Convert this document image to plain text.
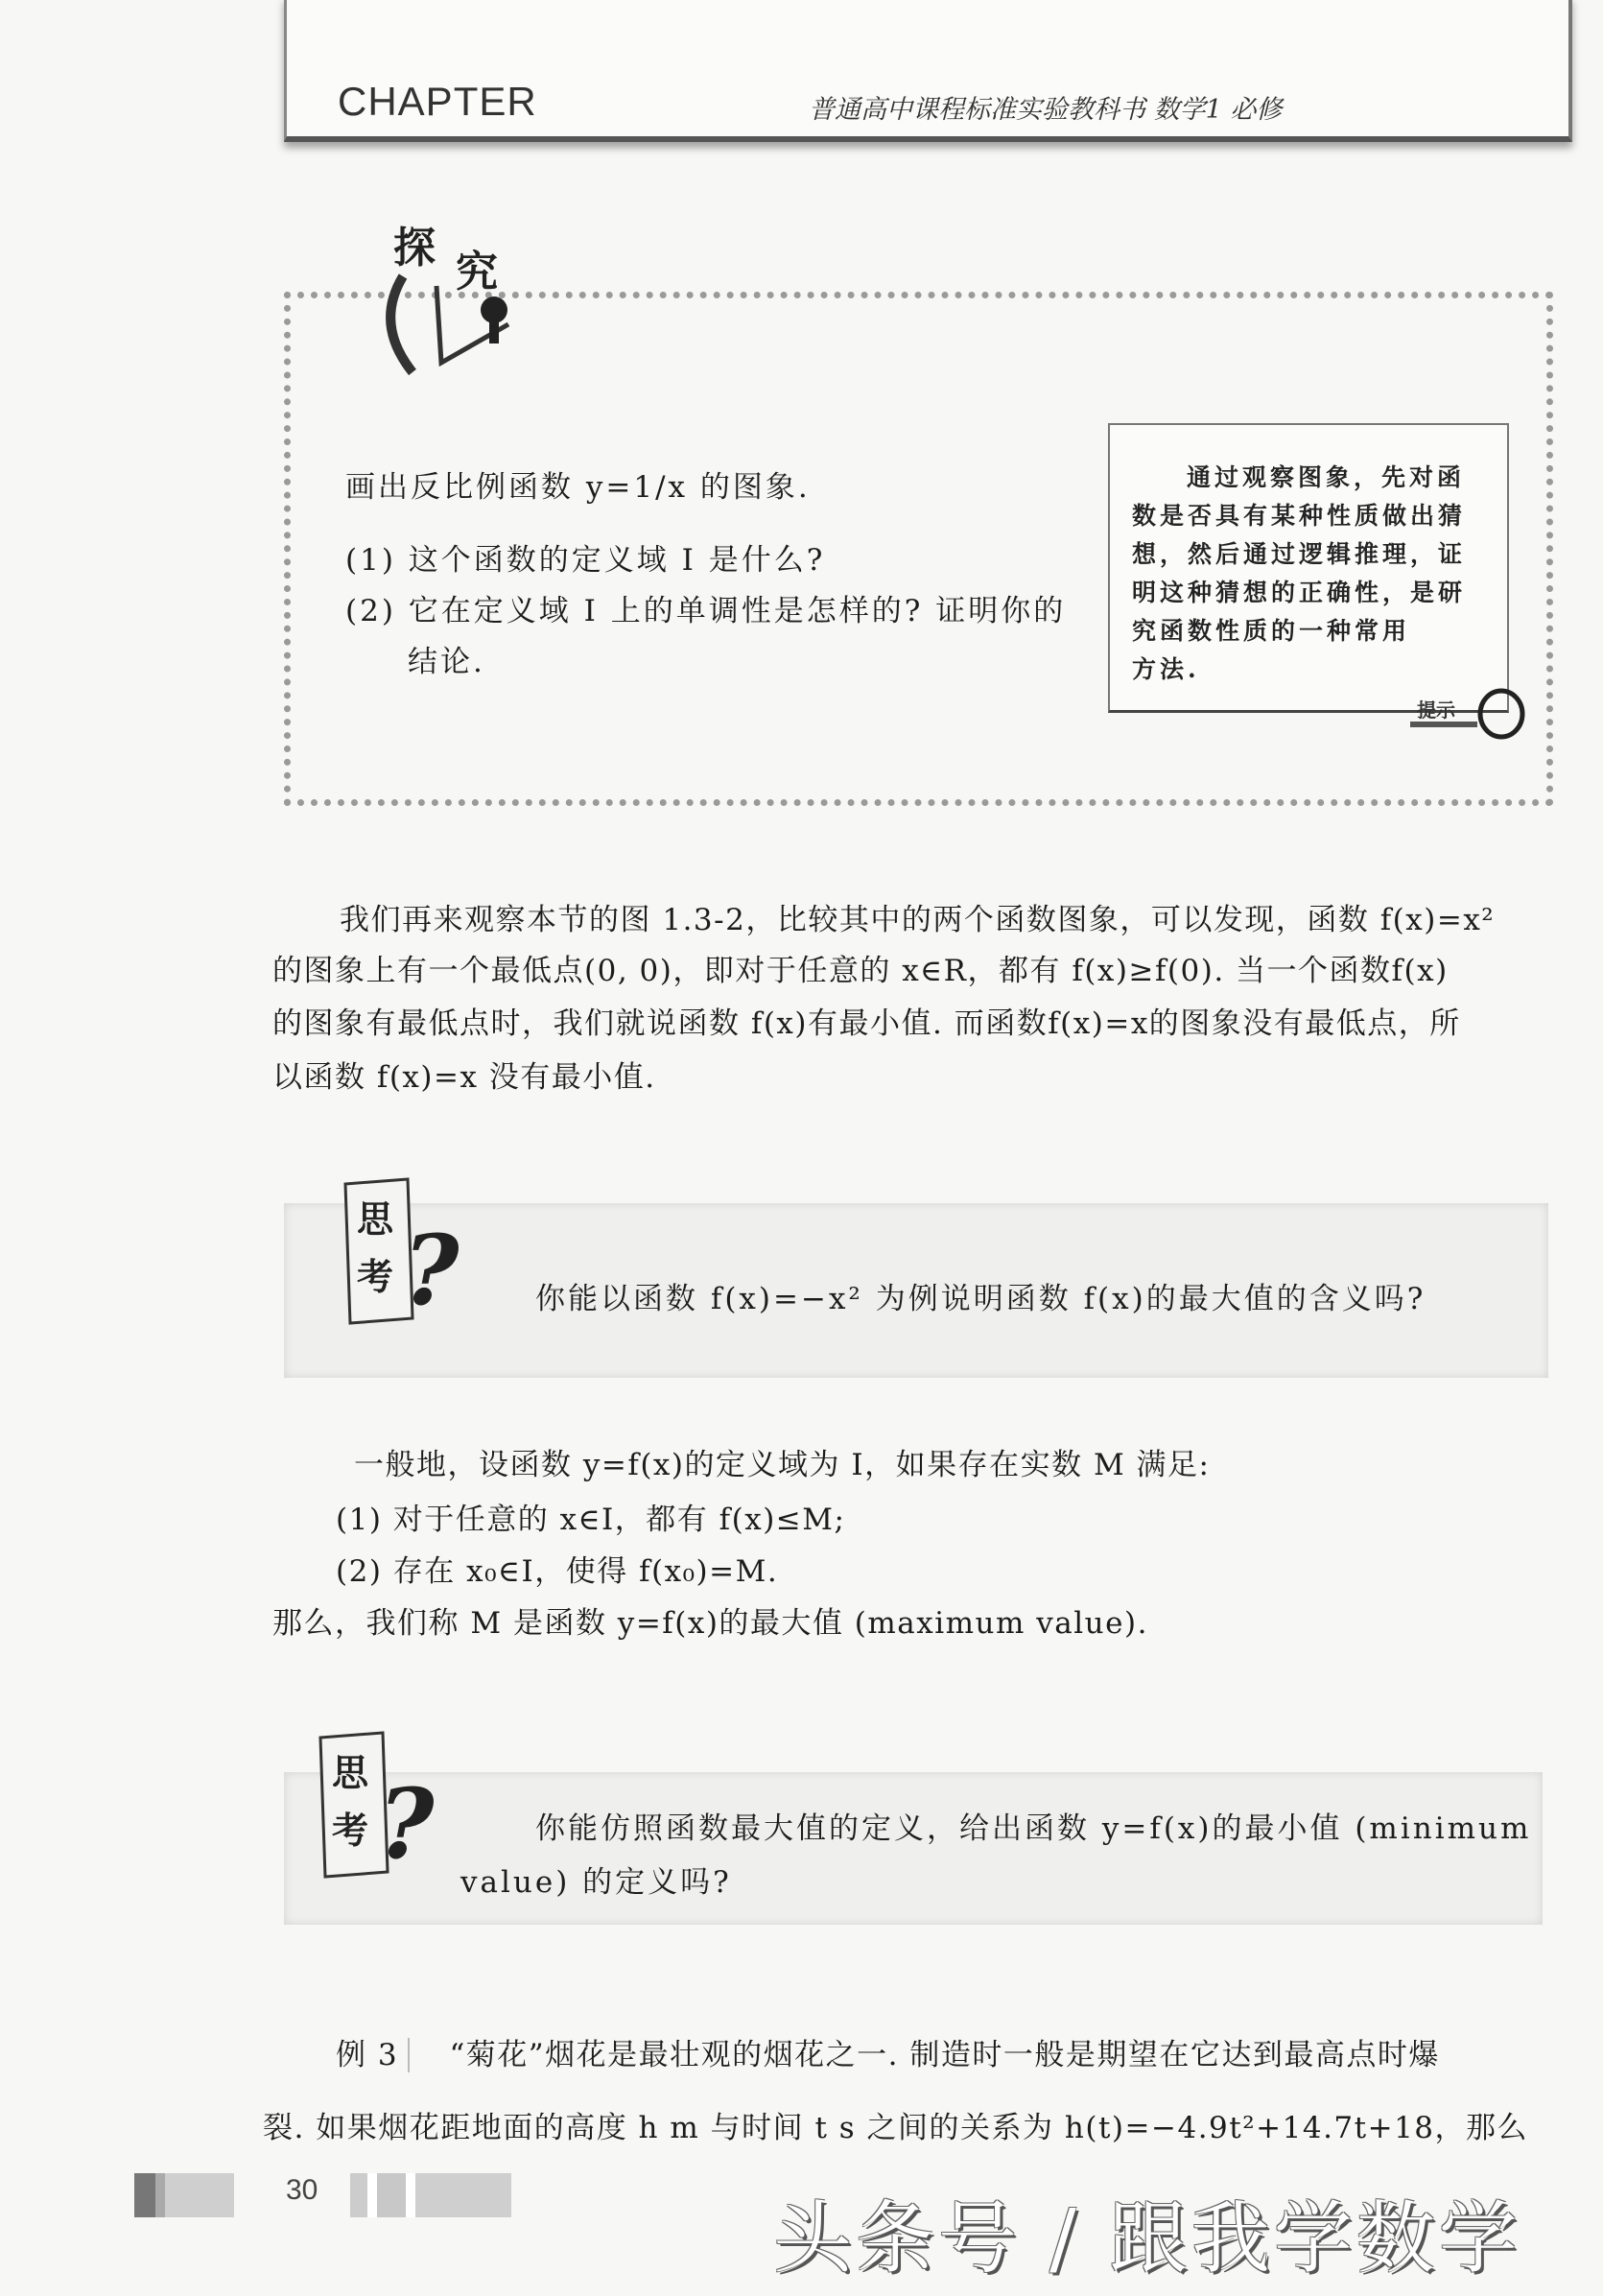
CHAPTER	普通高中课程标准实验教科书 数学1 必修
探 究
画出反比例函数 y=1/x 的图象.
(1) 这个函数的定义域 I 是什么?
(2) 它在定义域 I 上的单调性是怎样的? 证明你的
结论.
通过观察图象，先对函
数是否具有某种性质做出猜
想，然后通过逻辑推理，证
明这种猜想的正确性，是研
究函数性质的一种常用
方法.
提示
我们再来观察本节的图 1.3-2，比较其中的两个函数图象，可以发现，函数 f(x)=x²
的图象上有一个最低点(0, 0)，即对于任意的 x∈R，都有 f(x)≥f(0). 当一个函数f(x)
的图象有最低点时，我们就说函数 f(x)有最小值. 而函数f(x)=x的图象没有最低点，所
以函数 f(x)=x 没有最小值.
思
考 ?	你能以函数 f(x)=−x² 为例说明函数 f(x)的最大值的含义吗?
一般地，设函数 y=f(x)的定义域为 I，如果存在实数 M 满足:
(1) 对于任意的 x∈I，都有 f(x)≤M;
(2) 存在 x₀∈I，使得 f(x₀)=M.
那么，我们称 M 是函数 y=f(x)的最大值 (maximum value).
思
考 ?	你能仿照函数最大值的定义，给出函数 y=f(x)的最小值 (minimum
value) 的定义吗?
例 3 “菊花”烟花是最壮观的烟花之一. 制造时一般是期望在它达到最高点时爆
裂. 如果烟花距地面的高度 h m 与时间 t s 之间的关系为 h(t)=−4.9t²+14.7t+18，那么
30
头条号 / 跟我学数学
